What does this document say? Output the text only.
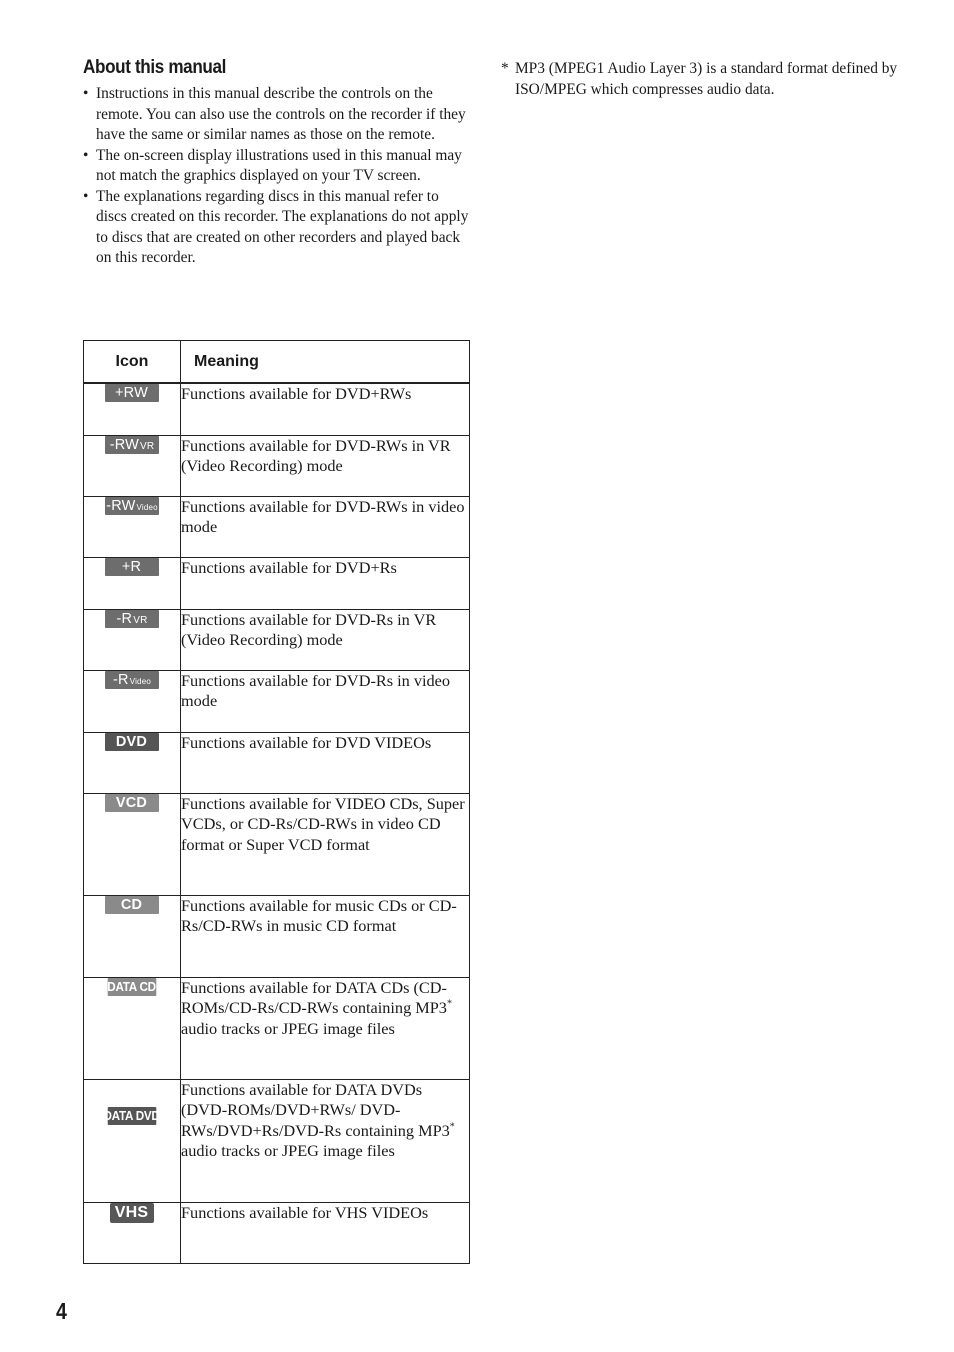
About this manual
• Instructions in this manual describe the controls on the remote. You can also use the controls on the recorder if they have the same or similar names as those on the remote.
• The on-screen display illustrations used in this manual may not match the graphics displayed on your TV screen.
• The explanations regarding discs in this manual refer to discs created on this recorder. The explanations do not apply to discs that are created on other recorders and played back on this recorder.
* MP3 (MPEG1 Audio Layer 3) is a standard format defined by ISO/MPEG which compresses audio data.
Icon	Meaning

+RW	Functions available for DVD+RWs

-RW VR	Functions available for DVD-RWs in VR (Video Recording) mode

-RW Video	Functions available for DVD-RWs in video mode

+R	Functions available for DVD+Rs

-R VR	Functions available for DVD-Rs in VR (Video Recording) mode

-R Video	Functions available for DVD-Rs in video mode

DVD	Functions available for DVD VIDEOs

VCD	Functions available for VIDEO CDs, Super VCDs, or CD-Rs/CD-RWs in video CD format or Super VCD format

CD	Functions available for music CDs or CD-Rs/CD-RWs in music CD format

DATA CD	Functions available for DATA CDs (CD-ROMs/CD-Rs/CD-RWs containing MP3* audio tracks or JPEG image files

DATA DVD	Functions available for DATA DVDs (DVD-ROMs/DVD+RWs/ DVD-RWs/DVD+Rs/DVD-Rs containing MP3* audio tracks or JPEG image files

VHS	Functions available for VHS VIDEOs
4
